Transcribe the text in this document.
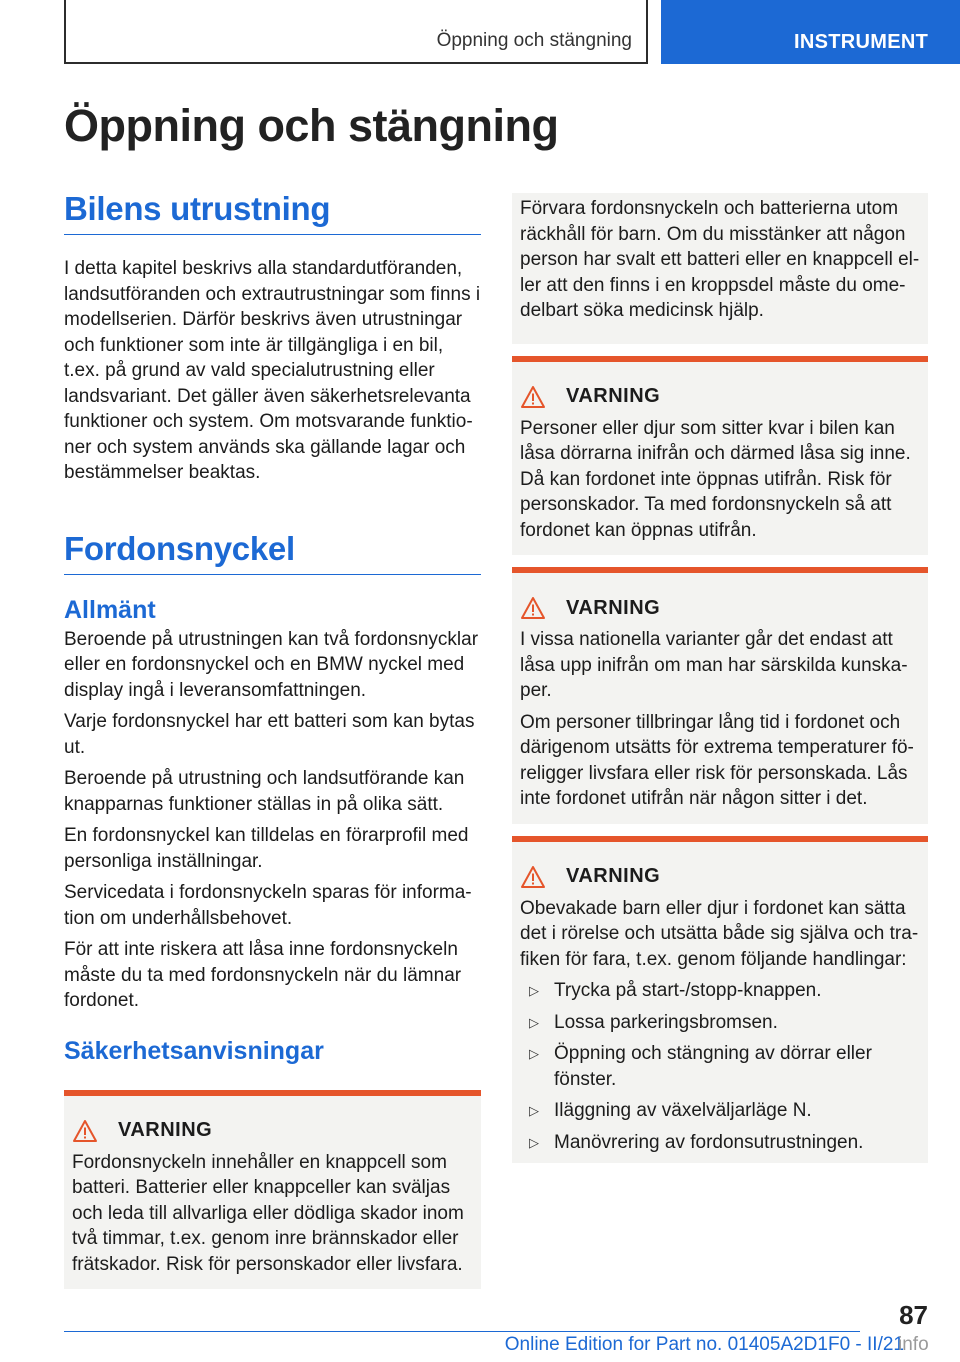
Öppning och stängning	INSTRUMENT
Öppning och stängning
Bilens utrustning

I detta kapitel beskrivs alla standardutföranden, landsutföranden och extrautrustningar som finns i modellserien. Därför beskrivs även utrustningar och funktioner som inte är tillgängliga i en bil, t.ex. på grund av vald specialutrustning eller landsvariant. Det gäller även säkerhetsrelevanta funktioner och system. Om motsvarande funktio-ner och system används ska gällande lagar och bestämmelser beaktas.

Fordonsnyckel
Allmänt

Beroende på utrustningen kan två fordonsnycklar eller en fordonsnyckel och en BMW nyckel med display ingå i leveransomfattningen.

Varje fordonsnyckel har ett batteri som kan bytas ut.

Beroende på utrustning och landsutförande kan knapparnas funktioner ställas in på olika sätt.

En fordonsnyckel kan tilldelas en förarprofil med personliga inställningar.

Servicedata i fordonsnyckeln sparas för informa-tion om underhållsbehovet.

För att inte riskera att låsa inne fordonsnyckeln måste du ta med fordonsnyckeln när du lämnar fordonet.

Säkerhetsanvisningar
VARNING

Fordonsnyckeln innehåller en knappcell som batteri. Batterier eller knappceller kan sväljas och leda till allvarliga eller dödliga skador inom två timmar, t.ex. genom inre brännskador eller frätskador. Risk för personskador eller livsfara.

Förvara fordonsnyckeln och batterierna utom räckhåll för barn. Om du misstänker att någon person har svalt ett batteri eller en knappcell el-ler att den finns i en kroppsdel måste du ome-delbart söka medicinsk hjälp.

VARNING

Personer eller djur som sitter kvar i bilen kan låsa dörrarna inifrån och därmed låsa sig inne. Då kan fordonet inte öppnas utifrån. Risk för personskador. Ta med fordonsnyckeln så att fordonet kan öppnas utifrån.

VARNING

I vissa nationella varianter går det endast att låsa upp inifrån om man har särskilda kunska-per.

Om personer tillbringar lång tid i fordonet och därigenom utsätts för extrema temperaturer fö-religger livsfara eller risk för personskada. Lås inte fordonet utifrån när någon sitter i det.

VARNING

Obevakade barn eller djur i fordonet kan sätta det i rörelse och utsätta både sig själva och tra-fiken för fara, t.ex. genom följande handlingar:

▷ Trycka på start-/stopp-knappen.
▷ Lossa parkeringsbromsen.
▷ Öppning och stängning av dörrar eller fönster.
▷ Iläggning av växelväljarläge N.
▷ Manövrering av fordonsutrustningen.
87
Online Edition for Part no. 01405A2D1F0 - II/21
info
